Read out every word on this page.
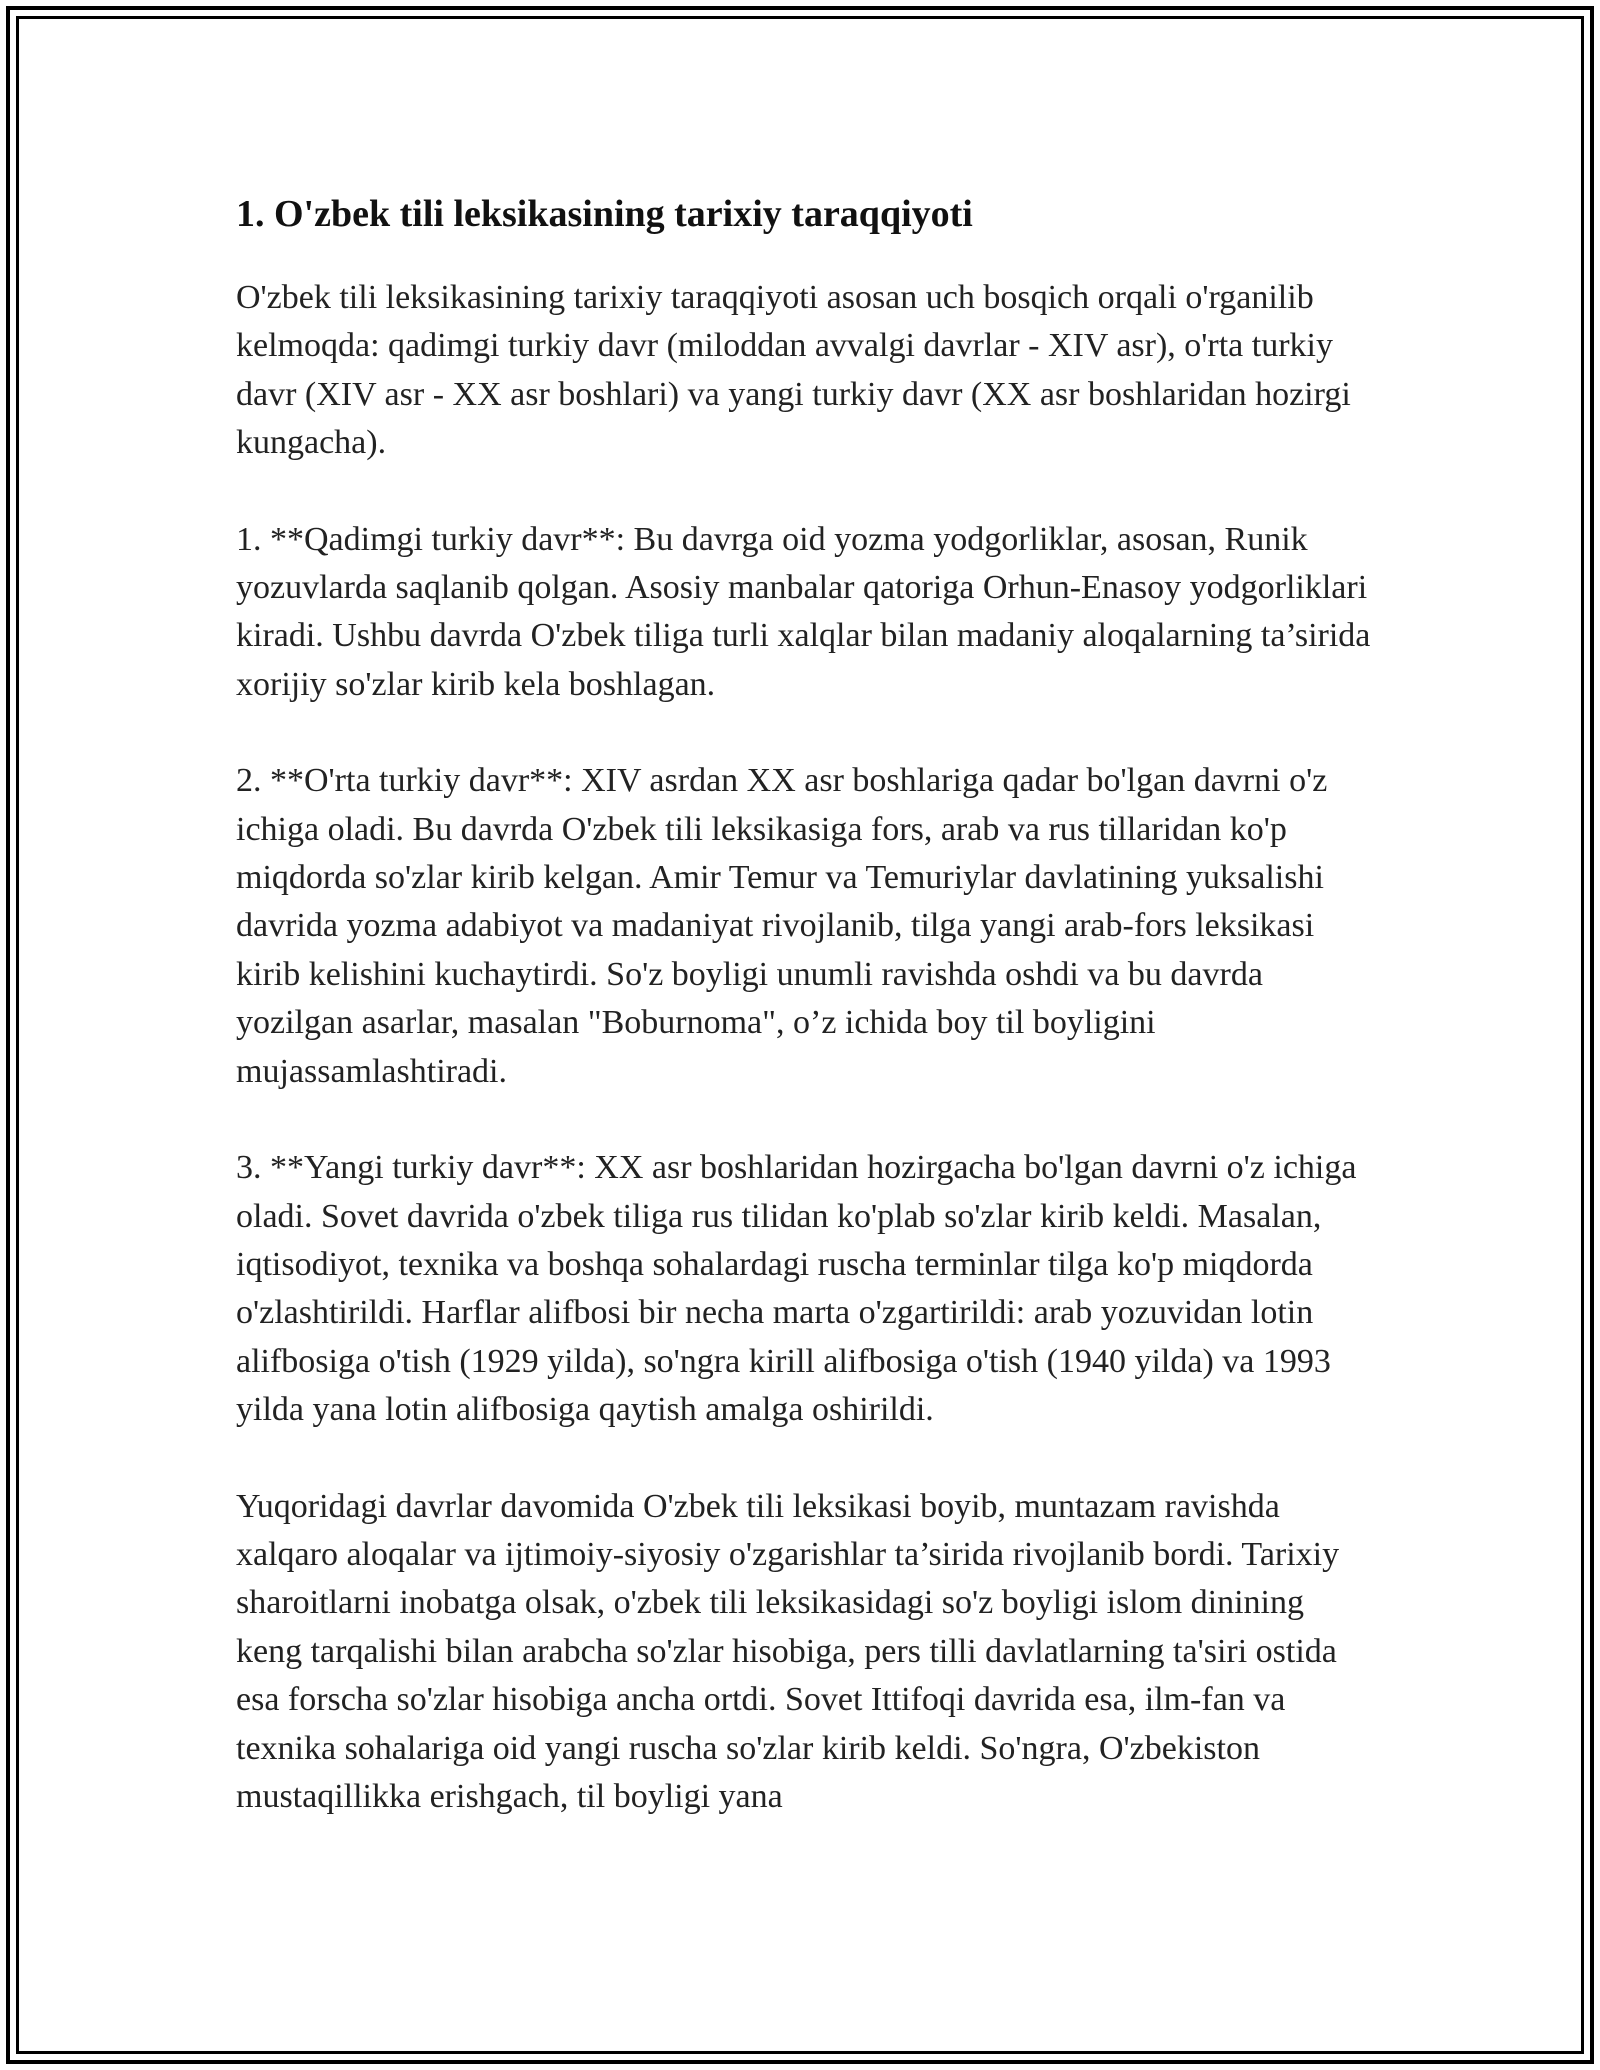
1. O'zbek tili leksikasining tarixiy taraqqiyoti

O'zbek tili leksikasining tarixiy taraqqiyoti asosan uch bosqich orqali o'rganilib kelmoqda: qadimgi turkiy davr (miloddan avvalgi davrlar - XIV asr), o'rta turkiy davr (XIV asr - XX asr boshlari) va yangi turkiy davr (XX asr boshlaridan hozirgi kungacha).

1. **Qadimgi turkiy davr**: Bu davrga oid yozma yodgorliklar, asosan, Runik yozuvlarda saqlanib qolgan. Asosiy manbalar qatoriga Orhun-Enasoy yodgorliklari kiradi. Ushbu davrda O'zbek tiliga turli xalqlar bilan madaniy aloqalarning ta’sirida xorijiy so'zlar kirib kela boshlagan.

2. **O'rta turkiy davr**: XIV asrdan XX asr boshlariga qadar bo'lgan davrni o'z ichiga oladi. Bu davrda O'zbek tili leksikasiga fors, arab va rus tillaridan ko'p miqdorda so'zlar kirib kelgan. Amir Temur va Temuriylar davlatining yuksalishi davrida yozma adabiyot va madaniyat rivojlanib, tilga yangi arab-fors leksikasi kirib kelishini kuchaytirdi. So'z boyligi unumli ravishda oshdi va bu davrda yozilgan asarlar, masalan "Boburnoma", o’z ichida boy til boyligini mujassamlashtiradi.

3. **Yangi turkiy davr**: XX asr boshlaridan hozirgacha bo'lgan davrni o'z ichiga oladi. Sovet davrida o'zbek tiliga rus tilidan ko'plab so'zlar kirib keldi. Masalan, iqtisodiyot, texnika va boshqa sohalardagi ruscha terminlar tilga ko'p miqdorda o'zlashtirildi. Harflar alifbosi bir necha marta o'zgartirildi: arab yozuvidan lotin alifbosiga o'tish (1929 yilda), so'ngra kirill alifbosiga o'tish (1940 yilda) va 1993 yilda yana lotin alifbosiga qaytish amalga oshirildi.

Yuqoridagi davrlar davomida O'zbek tili leksikasi boyib, muntazam ravishda xalqaro aloqalar va ijtimoiy-siyosiy o'zgarishlar ta’sirida rivojlanib bordi. Tarixiy sharoitlarni inobatga olsak, o'zbek tili leksikasidagi so'z boyligi islom dinining keng tarqalishi bilan arabcha so'zlar hisobiga, pers tilli davlatlarning ta'siri ostida esa forscha so'zlar hisobiga ancha ortdi. Sovet Ittifoqi davrida esa, ilm-fan va texnika sohalariga oid yangi ruscha so'zlar kirib keldi. So'ngra, O'zbekiston mustaqillikka erishgach, til boyligi yana
